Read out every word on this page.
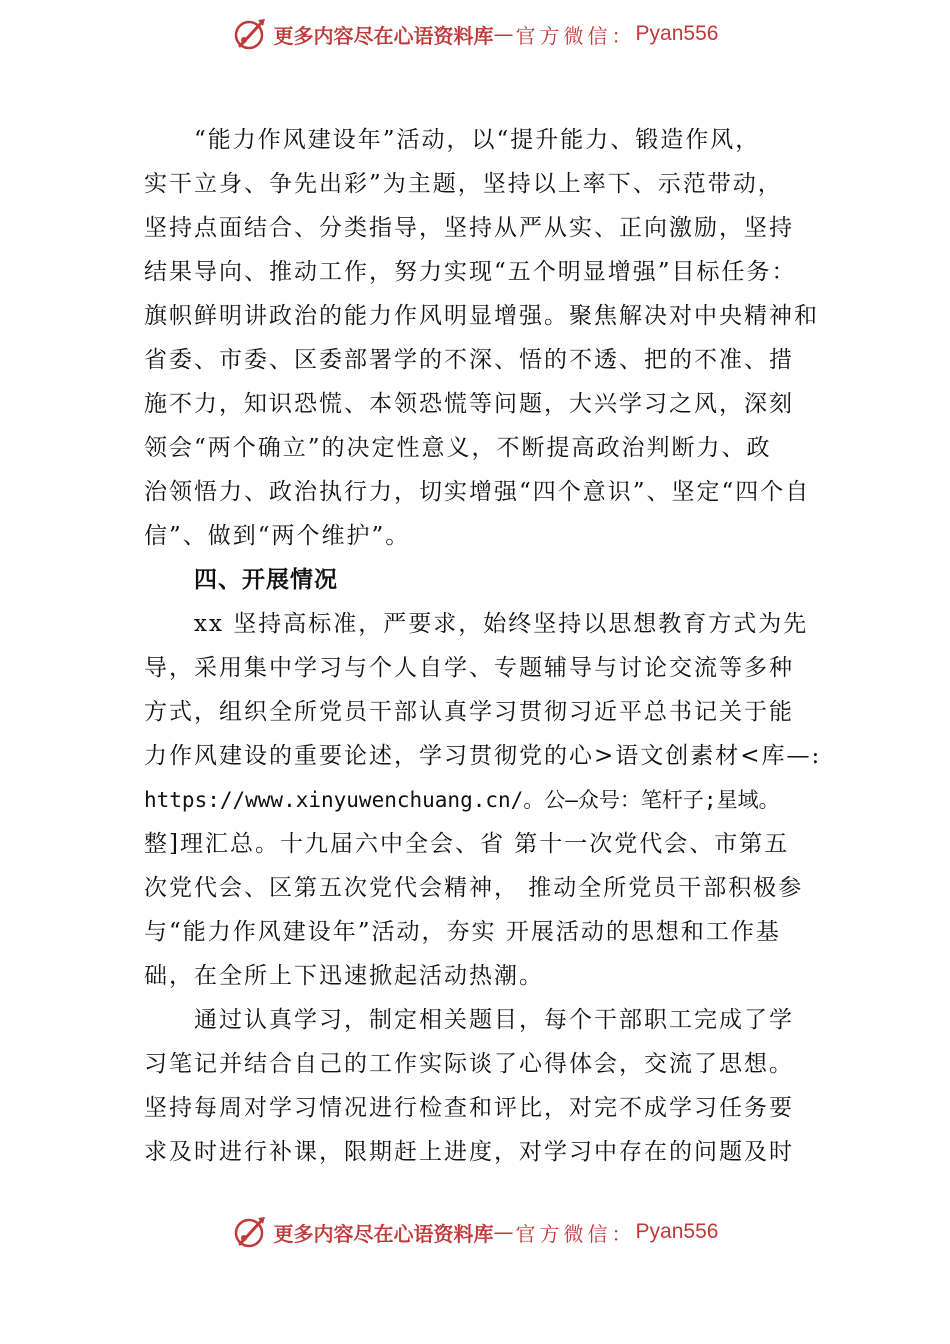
更多内容尽在心语资料库 — 官方微信： Pyan556
“能力作风建设年”活动，以“提升能力、锻造作风，
实干立身、争先出彩”为主题，坚持以上率下、示范带动，
坚持点面结合、分类指导，坚持从严从实、正向激励，坚持
结果导向、推动工作，努力实现“五个明显增强”目标任务：
旗帜鲜明讲政治的能力作风明显增强。聚焦解决对中央精神和
省委、市委、区委部署学的不深、悟的不透、把的不准、措
施不力，知识恐慌、本领恐慌等问题，大兴学习之风，深刻
领会“两个确立”的决定性意义，不断提高政治判断力、政
治领悟力、政治执行力，切实增强“四个意识”、坚定“四个自
信”、做到“两个维护”。
四、开展情况
xx 坚持高标准，严要求，始终坚持以思想教育方式为先
导，采用集中学习与个人自学、专题辅导与讨论交流等多种
方式，组织全所党员干部认真学习贯彻习近平总书记关于能
力作风建设的重要论述，学习贯彻党的心>语文创素材<库—:
https://www.xinyuwenchuang.cn/。公—众号：笔杆子;星域。
整]理汇总。十九届六中全会、省 第十一次党代会、市第五
次党代会、区第五次党代会精神， 推动全所党员干部积极参
与“能力作风建设年”活动，夯实 开展活动的思想和工作基
础，在全所上下迅速掀起活动热潮。
通过认真学习，制定相关题目，每个干部职工完成了学
习笔记并结合自己的工作实际谈了心得体会，交流了思想。
坚持每周对学习情况进行检查和评比，对完不成学习任务要
求及时进行补课，限期赶上进度，对学习中存在的问题及时
更多内容尽在心语资料库 — 官方微信： Pyan556
